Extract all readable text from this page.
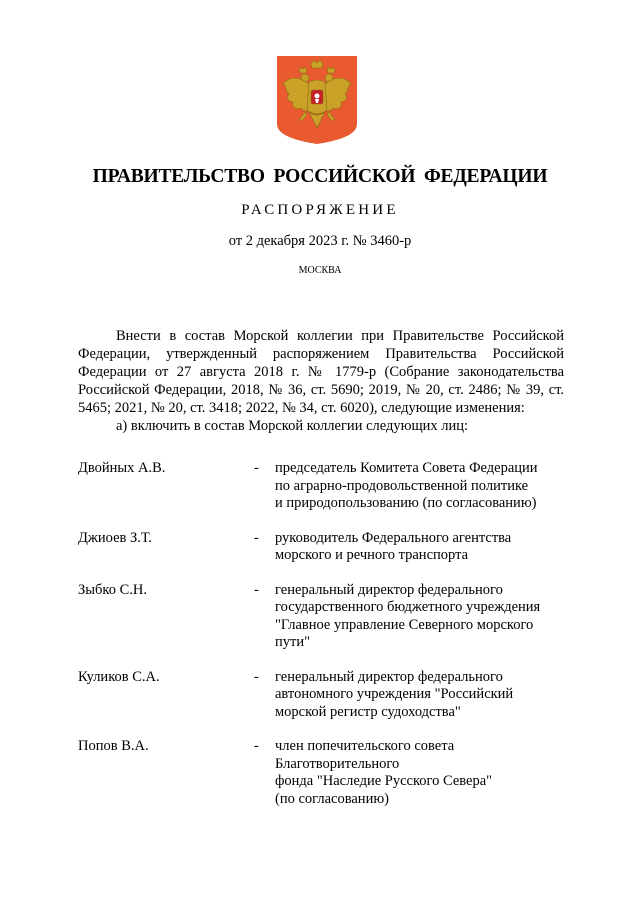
ПРАВИТЕЛЬСТВО РОССИЙСКОЙ ФЕДЕРАЦИИ
РАСПОРЯЖЕНИЕ
от 2 декабря 2023 г. № 3460-р
МОСКВА

Внести в состав Морской коллегии при Правительстве Российской Федерации, утвержденный распоряжением Правительства Российской Федерации от 27 августа 2018 г. № 1779-р (Собрание законодательства Российской Федерации, 2018, № 36, ст. 5690; 2019, № 20, ст. 2486; № 39, ст. 5465; 2021, № 20, ст. 3418; 2022, № 34, ст. 6020), следующие изменения:

а) включить в состав Морской коллегии следующих лиц:

Двойных А.В.	- председатель Комитета Совета Федерации
по аграрно-продовольственной политике
и природопользованию (по согласованию)
Джиоев З.Т.	- руководитель Федерального агентства
морского и речного транспорта
Зыбко С.Н.	- генеральный директор федерального
государственного бюджетного учреждения
"Главное управление Северного морского
пути"
Куликов С.А.	- генеральный директор федерального
автономного учреждения "Российский
морской регистр судоходства"
Попов В.А.	- член попечительского совета
Благотворительного
фонда "Наследие Русского Севера"
(по согласованию)
